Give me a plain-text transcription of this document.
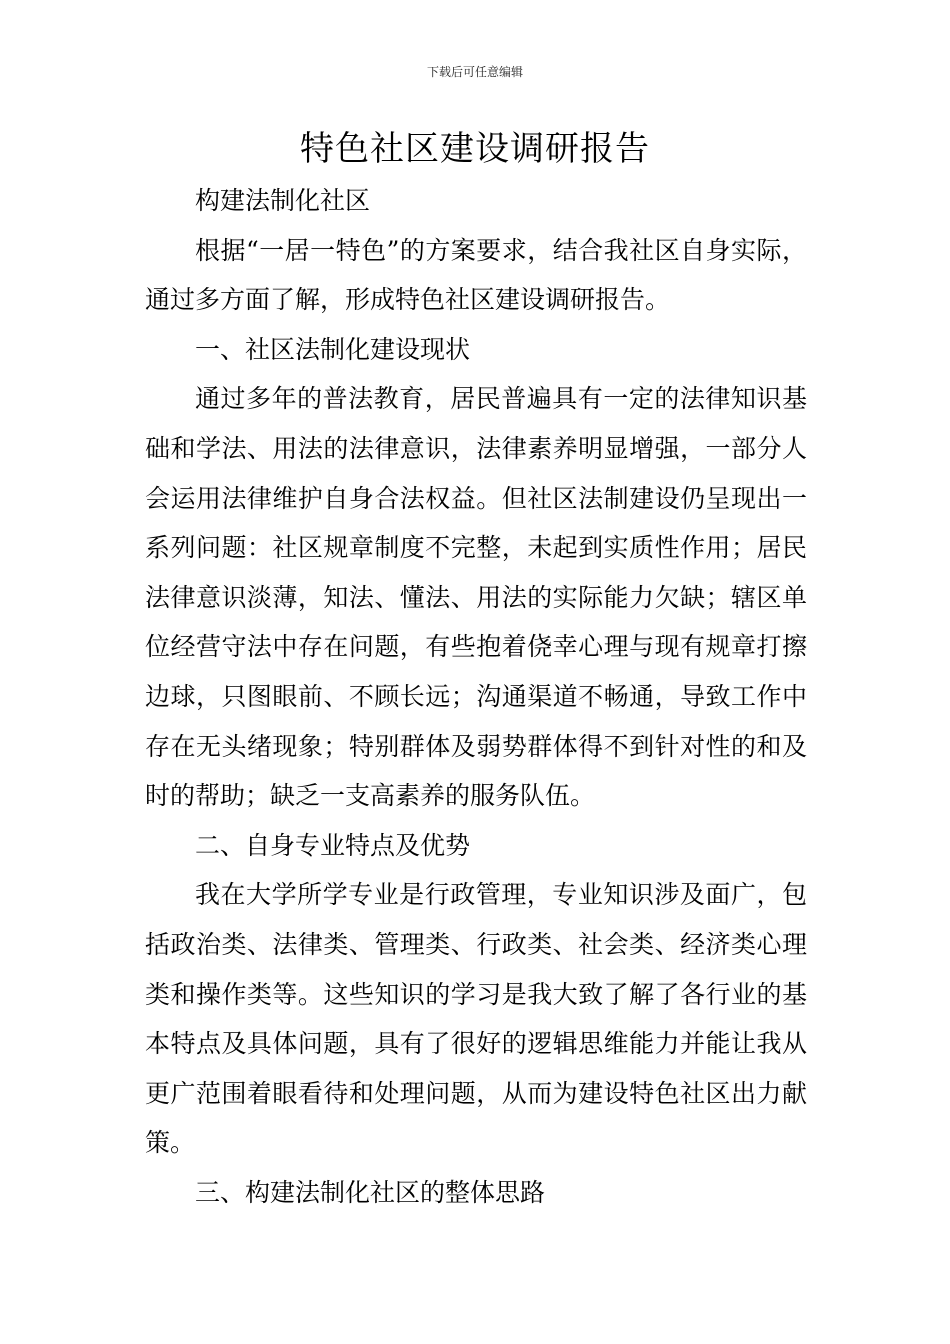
下载后可任意编辑
特色社区建设调研报告

构建法制化社区

根据“一居一特色”的方案要求，结合我社区自身实际，通过多方面了解，形成特色社区建设调研报告。

一、社区法制化建设现状

通过多年的普法教育，居民普遍具有一定的法律知识基础和学法、用法的法律意识，法律素养明显增强，一部分人会运用法律维护自身合法权益。但社区法制建设仍呈现出一系列问题：社区规章制度不完整，未起到实质性作用；居民法律意识淡薄，知法、懂法、用法的实际能力欠缺；辖区单位经营守法中存在问题，有些抱着侥幸心理与现有规章打擦边球，只图眼前、不顾长远；沟通渠道不畅通，导致工作中存在无头绪现象；特别群体及弱势群体得不到针对性的和及时的帮助；缺乏一支高素养的服务队伍。

二、自身专业特点及优势

我在大学所学专业是行政管理，专业知识涉及面广，包括政治类、法律类、管理类、行政类、社会类、经济类心理类和操作类等。这些知识的学习是我大致了解了各行业的基本特点及具体问题，具有了很好的逻辑思维能力并能让我从更广范围着眼看待和处理问题，从而为建设特色社区出力献策。

三、构建法制化社区的整体思路
